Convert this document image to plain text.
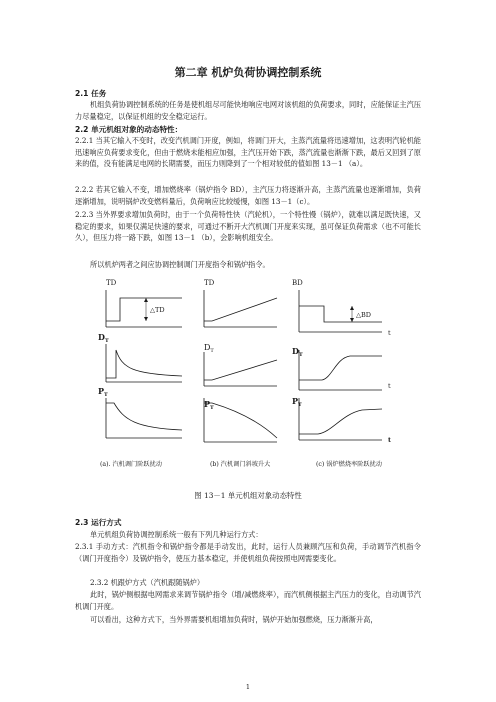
第二章 机炉负荷协调控制系统
2.1 任务

机组负荷协调控制系统的任务是使机组尽可能快地响应电网对该机组的负荷要求，同时，应能保证主汽压力尽量稳定，以保证机组的安全稳定运行。

2.2 单元机组对象的动态特性：

2.2.1 当其它输入不变时，改变汽机调门开度，例如，将调门开大，主蒸汽流量将迅速增加，这表明汽轮机能迅速响应负荷要求变化，但由于燃烧未能相应加强，主汽压开始下跌，蒸汽流量也渐渐下跌，最后又回到了原来的值，没有能满足电网的长期需要，而压力则降到了一个相对较低的值如图 13－1 （a）。

2.2.2 若其它输入不变，增加燃烧率（锅炉指令 BD），主汽压力将逐渐升高，主蒸汽流量也逐渐增加，负荷逐渐增加，说明锅炉改变燃料量后，负荷响应比较缓慢，如图 13－1（c）。

2.2.3 当外界要求增加负荷时，由于一个负荷特性快（汽轮机），一个特性慢（锅炉），就难以满足既快速，又稳定的要求，如果仅满足快速的要求，可通过不断开大汽机调门开度来实现，虽可保证负荷需求（也不可能长久），但压力将一路下跌，如图 13－1 （b），会影响机组安全。

所以机炉两者之间应协调控制调门开度指令和锅炉指令。

TD
△TD
$D_T$
$P_T$
TD
$D_T$
$P_T$
BD
t
△BD
$D_T$
t
$P_T$
t
(a). 汽机调门阶跃扰动	(b) 汽机调门斜坡升大	(c) 锅炉燃烧率阶跃扰动
图 13－1 单元机组对象动态特性
2.3 运行方式

单元机组负荷协调控制系统一般有下列几种运行方式：

2.3.1 手动方式：汽机指令和锅炉指令都是手动发出，此时，运行人员兼顾汽压和负荷，手动调节汽机指令（调门开度指令）及锅炉指令，使压力基本稳定，并使机组负荷按照电网需要变化。

2.3.2 机跟炉方式（汽机跟随锅炉）

此时，锅炉侧根据电网需求来调节锅炉指令（增/减燃烧率），而汽机侧根据主汽压力的变化，自动调节汽机调门开度。

可以看出，这种方式下，当外界需要机组增加负荷时，锅炉开始加强燃烧，压力渐渐升高，

1
